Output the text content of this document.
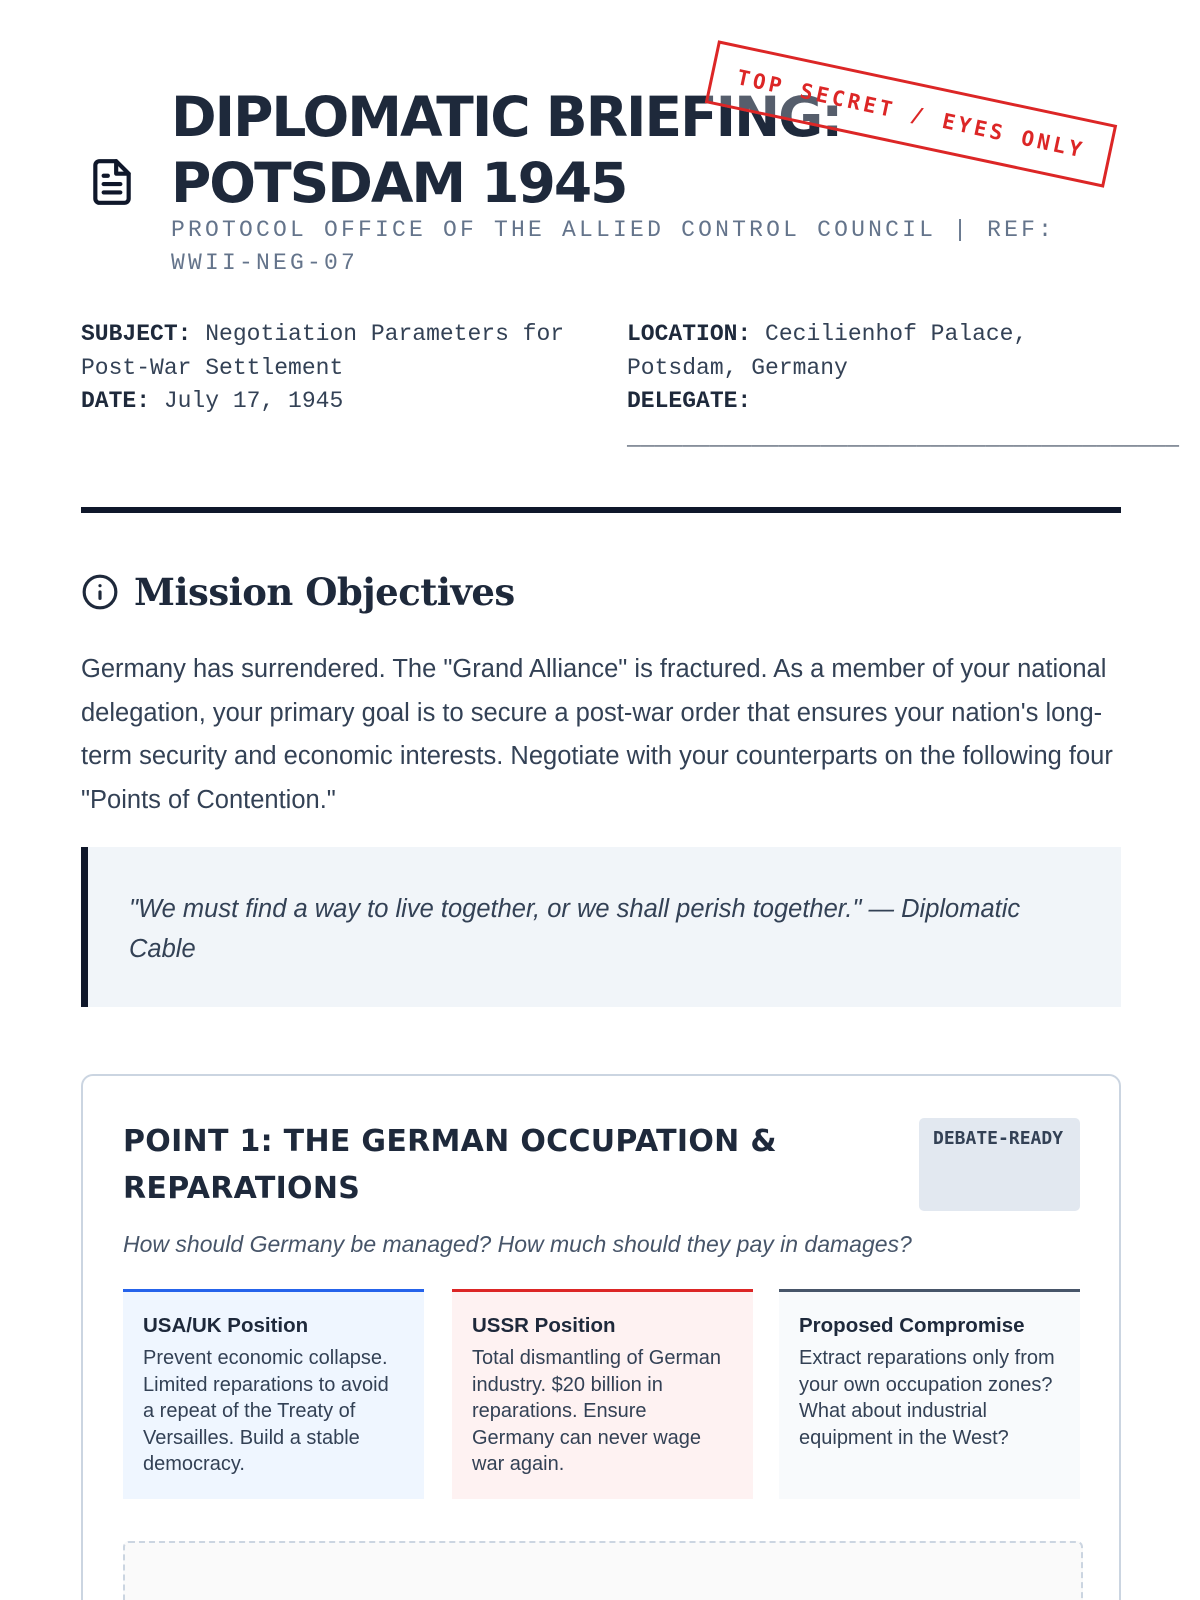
DIPLOMATIC BRIEFING:
POTSDAM 1945
TOP SECRET / EYES ONLY
PROTOCOL OFFICE OF THE ALLIED CONTROL COUNCIL | REF: WWII-NEG-07
SUBJECT: Negotiation Parameters for Post-War Settlement
DATE: July 17, 1945
LOCATION: Cecilienhof Palace, Potsdam, Germany
DELEGATE:
________________________________________
Mission Objectives

Germany has surrendered. The "Grand Alliance" is fractured. As a member of your national delegation, your primary goal is to secure a post-war order that ensures your nation's long-term security and economic interests. Negotiate with your counterparts on the following four "Points of Contention."

"We must find a way to live together, or we shall perish together." — Diplomatic Cable
POINT 1: THE GERMAN OCCUPATION & REPARATIONS
DEBATE-READY

How should Germany be managed? How much should they pay in damages?

USA/UK Position

Prevent economic collapse. Limited reparations to avoid a repeat of the Treaty of Versailles. Build a stable democracy.

USSR Position

Total dismantling of German industry. $20 billion in reparations. Ensure Germany can never wage war again.

Proposed Compromise

Extract reparations only from your own occupation zones? What about industrial equipment in the West?
